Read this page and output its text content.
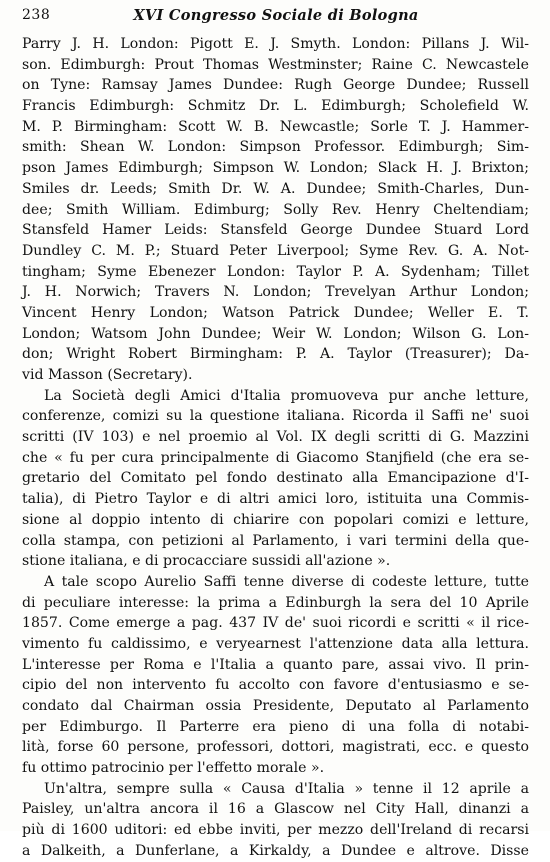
238	XVI Congresso Sociale di Bologna
Parry J. H. London: Pigott E. J. Smyth. London: Pillans J. Wil-
son. Edimburgh: Prout Thomas Westminster; Raine C. Newcastele
on Tyne: Ramsay James Dundee: Rugh George Dundee; Russell
Francis Edimburgh: Schmitz Dr. L. Edimburgh; Scholefield W.
M. P. Birmingham: Scott W. B. Newcastle; Sorle T. J. Hammer-
smith: Shean W. London: Simpson Professor. Edimburgh; Sim-
pson James Edimburgh; Simpson W. London; Slack H. J. Brixton;
Smiles dr. Leeds; Smith Dr. W. A. Dundee; Smith-Charles, Dun-
dee; Smith William. Edimburg; Solly Rev. Henry Cheltendiam;
Stansfeld Hamer Leids: Stansfeld George Dundee Stuard Lord
Dundley C. M. P.; Stuard Peter Liverpool; Syme Rev. G. A. Not-
tingham; Syme Ebenezer London: Taylor P. A. Sydenham; Tillet
J. H. Norwich; Travers N. London; Trevelyan Arthur London;
Vincent Henry London; Watson Patrick Dundee; Weller E. T.
London; Watsom John Dundee; Weir W. London; Wilson G. Lon-
don; Wright Robert Birmingham: P. A. Taylor (Treasurer); Da-
vid Masson (Secretary).
La Società degli Amici d'Italia promuoveva pur anche letture,
conferenze, comizi su la questione italiana. Ricorda il Saffi ne' suoi
scritti (IV 103) e nel proemio al Vol. IX degli scritti di G. Mazzini
che « fu per cura principalmente di Giacomo Stanjfield (che era se-
gretario del Comitato pel fondo destinato alla Emancipazione d'I-
talia), di Pietro Taylor e di altri amici loro, istituita una Commis-
sione al doppio intento di chiarire con popolari comizi e letture,
colla stampa, con petizioni al Parlamento, i vari termini della que-
stione italiana, e di procacciare sussidi all'azione ».
A tale scopo Aurelio Saffi tenne diverse di codeste letture, tutte
di peculiare interesse: la prima a Edinburgh la sera del 10 Aprile
1857. Come emerge a pag. 437 IV de' suoi ricordi e scritti « il rice-
vimento fu caldissimo, e veryearnest l'attenzione data alla lettura.
L'interesse per Roma e l'Italia a quanto pare, assai vivo. Il prin-
cipio del non intervento fu accolto con favore d'entusiasmo e se-
condato dal Chairman ossia Presidente, Deputato al Parlamento
per Edimburgo. Il Parterre era pieno di una folla di notabi-
lità, forse 60 persone, professori, dottori, magistrati, ecc. e questo
fu ottimo patrocinio per l'effetto morale ».
Un'altra, sempre sulla « Causa d'Italia » tenne il 12 aprile a
Paisley, un'altra ancora il 16 a Glascow nel City Hall, dinanzi a
più di 1600 uditori: ed ebbe inviti, per mezzo dell'Ireland di recarsi
a Dalkeith, a Dunferlane, a Kirkaldy, a Dundee e altrove. Disse
